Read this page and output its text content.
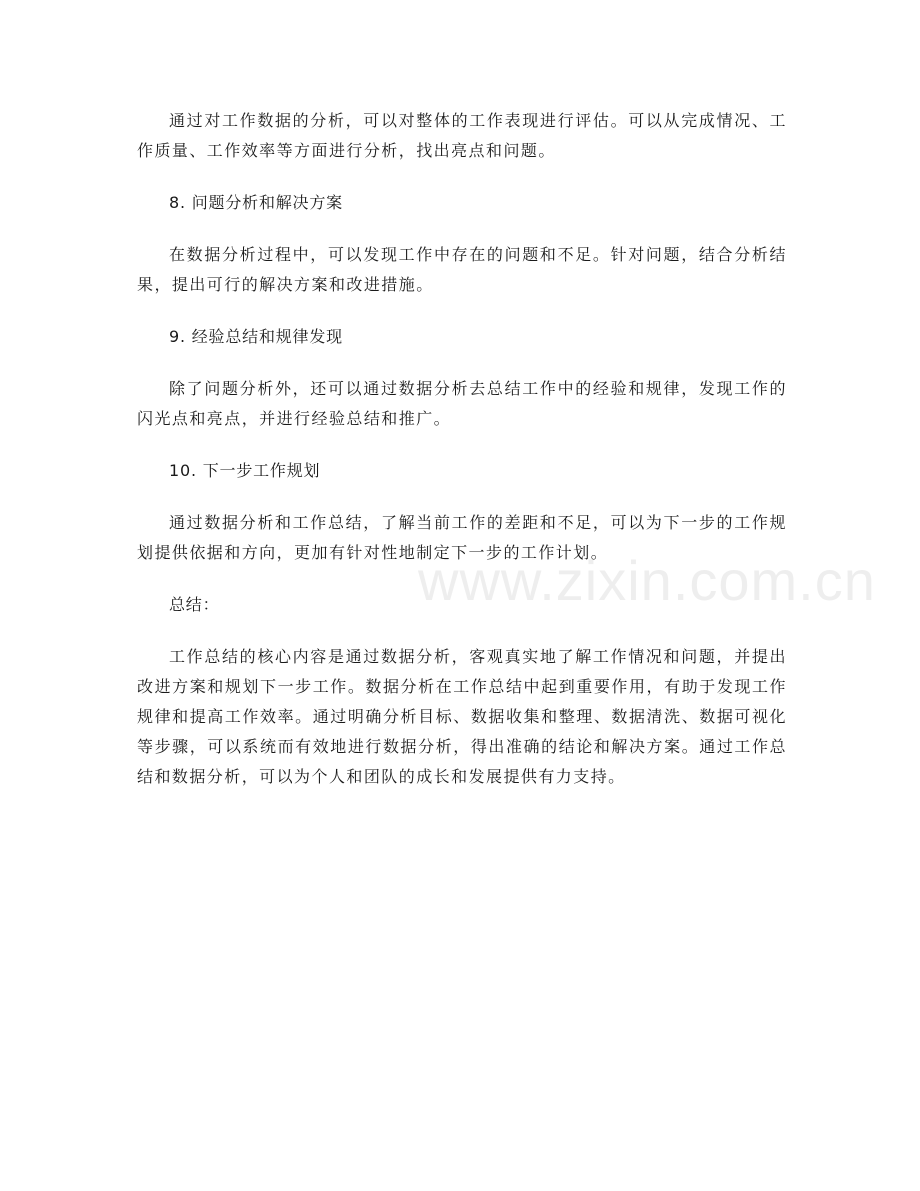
通过对工作数据的分析，可以对整体的工作表现进行评估。可以从完成情况、工作质量、工作效率等方面进行分析，找出亮点和问题。

8. 问题分析和解决方案

在数据分析过程中，可以发现工作中存在的问题和不足。针对问题，结合分析结果，提出可行的解决方案和改进措施。

9. 经验总结和规律发现

除了问题分析外，还可以通过数据分析去总结工作中的经验和规律，发现工作的闪光点和亮点，并进行经验总结和推广。

10. 下一步工作规划

通过数据分析和工作总结，了解当前工作的差距和不足，可以为下一步的工作规划提供依据和方向，更加有针对性地制定下一步的工作计划。

总结：

工作总结的核心内容是通过数据分析，客观真实地了解工作情况和问题，并提出改进方案和规划下一步工作。数据分析在工作总结中起到重要作用，有助于发现工作规律和提高工作效率。通过明确分析目标、数据收集和整理、数据清洗、数据可视化等步骤，可以系统而有效地进行数据分析，得出准确的结论和解决方案。通过工作总结和数据分析，可以为个人和团队的成长和发展提供有力支持。

www.zixin.com.cn
